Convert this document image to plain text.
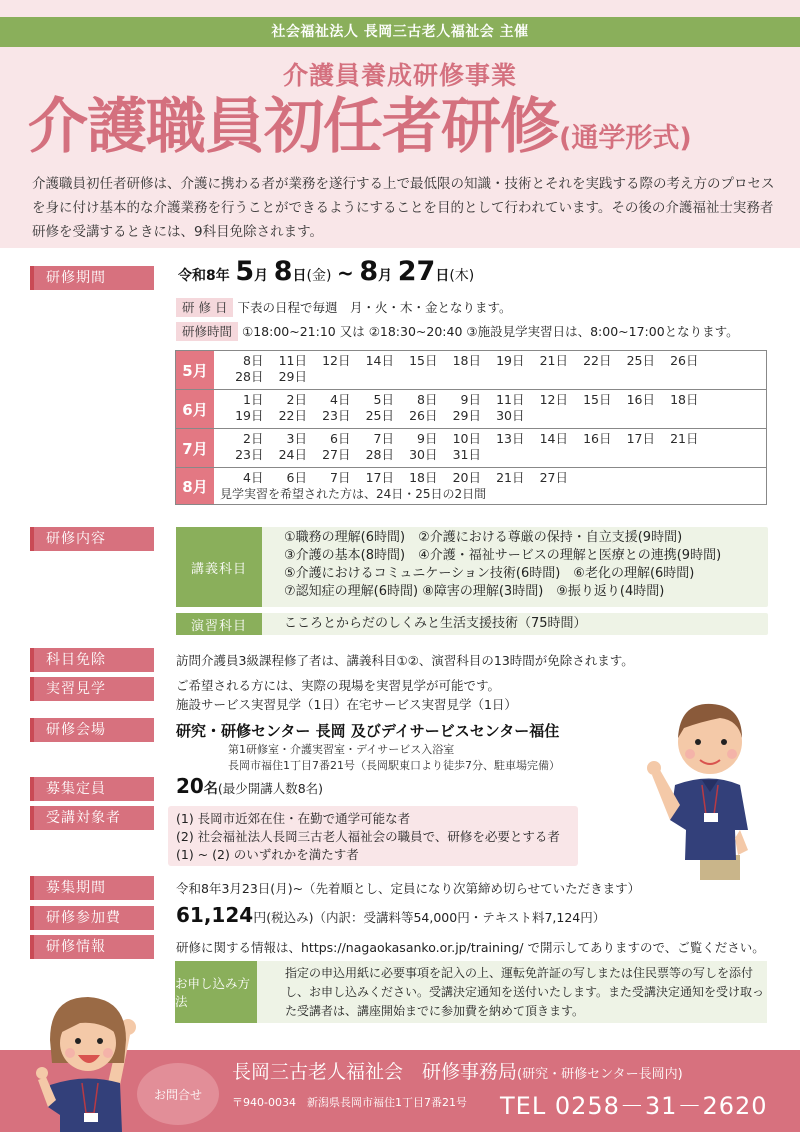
社会福祉法人 長岡三古老人福祉会 主催
介護員養成研修事業
介護職員初任者研修(通学形式)
介護職員初任者研修は、介護に携わる者が業務を遂行する上で最低限の知識・技術とそれを実践する際の考え方のプロセスを身に付け基本的な介護業務を行うことができるようにすることを目的として行われています。その後の介護福祉士実務者研修を受講するときには、9科目免除されます。
研修期間	令和8年 5月 8日(金) ~ 8月 27日(木)
研 修 日 下表の日程で毎週　月・火・木・金となります。
研修時間 ①18:00~21:10 又は ②18:30~20:40 ③施設見学実習日は、8:00~17:00となります。
5月
8日	11日	12日	14日	15日	18日	19日	21日	22日	25日	26日
28日	29日
6月
1日	2日	4日	5日	8日	9日	11日	12日	15日	16日	18日
19日	22日	23日	25日	26日	29日	30日
7月
2日	3日	6日	7日	9日	10日	13日	14日	16日	17日	21日
23日	24日	27日	28日	30日	31日
8月	4日	6日	7日	17日	18日	20日	21日	27日
見学実習を希望された方は、24日・25日の2日間
研修内容
講義科目
①職務の理解(6時間)　②介護における尊厳の保持・自立支援(9時間)
③介護の基本(8時間)　④介護・福祉サービスの理解と医療との連携(9時間)
⑤介護におけるコミュニケーション技術(6時間)　⑥老化の理解(6時間)
⑦認知症の理解(6時間) ⑧障害の理解(3時間)　⑨振り返り(4時間)
演習科目	こころとからだのしくみと生活支援技術（75時間）
科目免除	訪問介護員3級課程修了者は、講義科目①②、演習科目の13時間が免除されます。
実習見学	ご希望される方には、実際の現場を実習見学が可能です。
施設サービス実習見学（1日）在宅サービス実習見学（1日）
研修会場	研究・研修センター 長岡 及びデイサービスセンター福住
第1研修室・介護実習室・デイサービス入浴室
長岡市福住1丁目7番21号（長岡駅東口より徒歩7分、駐車場完備）
募集定員	20名(最少開講人数8名)
受講対象者	(1) 長岡市近郊在住・在勤で通学可能な者
(2) 社会福祉法人長岡三古老人福祉会の職員で、研修を必要とする者
(1) ~ (2) のいずれかを満たす者
募集期間	令和8年3月23日(月)~（先着順とし、定員になり次第締め切らせていただきます）
研修参加費	61,124円(税込み)（内訳：受講料等54,000円・テキスト料7,124円）
研修情報	研修に関する情報は、https://nagaokasanko.or.jp/training/ で開示してありますので、ご覧ください。
お申し込み方法
指定の申込用紙に必要事項を記入の上、運転免許証の写しまたは住民票等の写しを添付し、お申し込みください。受講決定通知を送付いたします。また受講決定通知を受け取った受講者は、講座開始までに参加費を納めて頂きます。
お問合せ
長岡三古老人福祉会　研修事務局(研究・研修センター長岡内)
〒940-0034　新潟県長岡市福住1丁目7番21号 TEL 0258－31－2620
